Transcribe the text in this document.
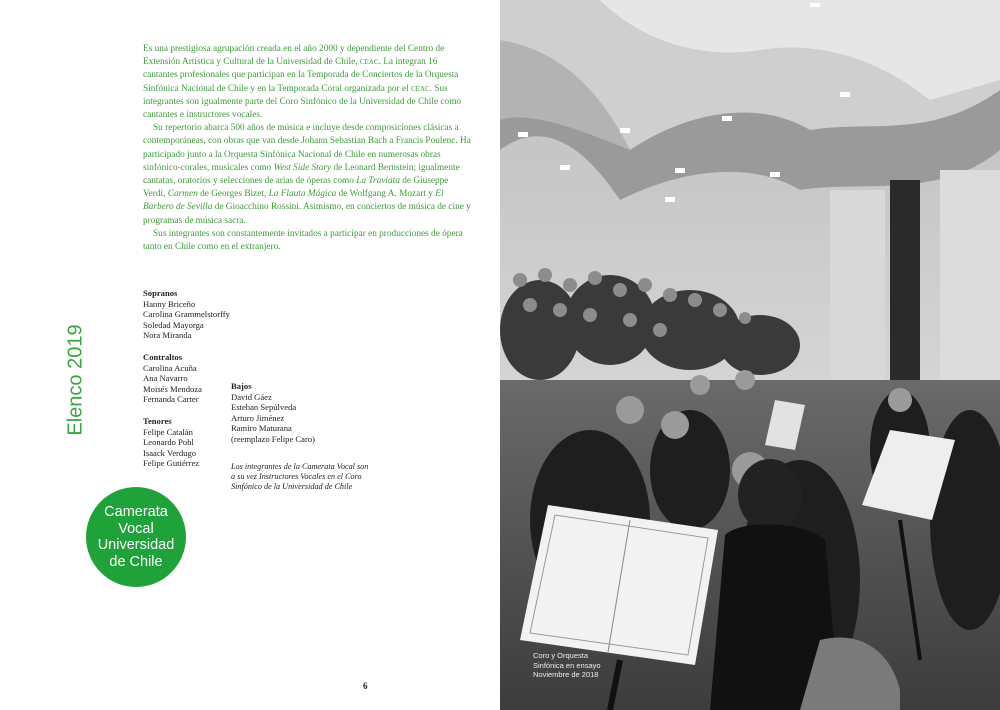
Es una prestigiosa agrupación creada en el año 2000 y dependiente del Centro de Extensión Artística y Cultural de la Universidad de Chile, ceac. La integran 16 cantantes profesionales que participan en la Temporada de Conciertos de la Orquesta Sinfónica Nacional de Chile y en la Temporada Coral organizada por el ceac. Sus integrantes son igualmente parte del Coro Sinfónico de la Universidad de Chile como cantantes e instructores vocales.

Su repertorio abarca 500 años de música e incluye desde composiciones clásicas a contemporáneas, con obras que van desde Johann Sebastian Bach a Francis Poulenc. Ha participado junto a la Orquesta Sinfónica Nacional de Chile en numerosas obras sinfónico-corales, musicales como West Side Story de Leonard Bernstein; igualmente cantatas, oratorios y selecciones de arias de óperas como La Traviata de Giuseppe Verdi, Carmen de Georges Bizet, La Flauta Mágica de Wolfgang A. Mozart y El Barbero de Sevilla de Gioacchino Rossini. Asimismo, en conciertos de música de cine y programas de música sacra.

Sus integrantes son constantemente invitados a participar en producciones de ópera tanto en Chile como en el extranjero.

Sopranos
Hanny Briceño
Carolina Grammelstorffy
Soledad Mayorga
Nora Miranda
Contraltos
Carolina Acuña
Ana Navarro
Moisés Mendoza
Fernanda Carter
Tenores
Felipe Catalán
Leonardo Pohl
Isaack Verdugo
Felipe Gutiérrez
Bajos
David Gáez
Esteban Sepúlveda
Arturo Jiménez
Ramiro Maturana
(reemplazo Felipe Caro)
Los integrantes de la Camerata Vocal son a su vez Instructores Vocales en el Coro Sinfónico de la Universidad de Chile
Elenco 2019
Camerata
Vocal
Universidad
de Chile
6
Coro y Orquesta
Sinfónica en ensayo
Noviembre de 2018
